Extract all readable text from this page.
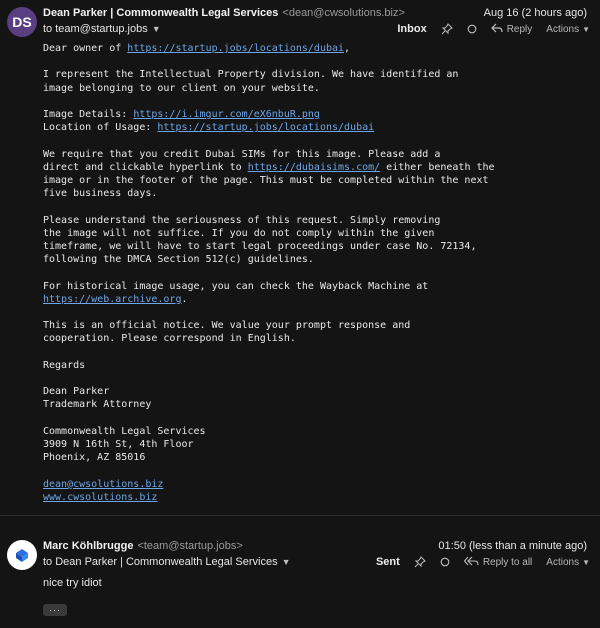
DS
Dean Parker | Commonwealth Legal Services <dean@cwsolutions.biz>
to team@startup.jobs ▼
Aug 16 (2 hours ago)
Inbox	Reply Actions ▼
Dear owner of https://startup.jobs/locations/dubai,

I represent the Intellectual Property division. We have identified an
image belonging to our client on your website.

Image Details: https://i.imgur.com/eX6nbuR.png
Location of Usage: https://startup.jobs/locations/dubai

We require that you credit Dubai SIMs for this image. Please add a
direct and clickable hyperlink to https://dubaisims.com/ either beneath the
image or in the footer of the page. This must be completed within the next
five business days.

Please understand the seriousness of this request. Simply removing
the image will not suffice. If you do not comply within the given
timeframe, we will have to start legal proceedings under case No. 72134,
following the DMCA Section 512(c) guidelines.

For historical image usage, you can check the Wayback Machine at
https://web.archive.org.

This is an official notice. We value your prompt response and
cooperation. Please correspond in English.

Regards

Dean Parker
Trademark Attorney

Commonwealth Legal Services
3909 N 16th St, 4th Floor
Phoenix, AZ 85016

dean@cwsolutions.biz
www.cwsolutions.biz
Marc Köhlbrugge <team@startup.jobs>
to Dean Parker | Commonwealth Legal Services ▼
01:50 (less than a minute ago)
Sent	Reply to all Actions ▼
nice try idiot
···
